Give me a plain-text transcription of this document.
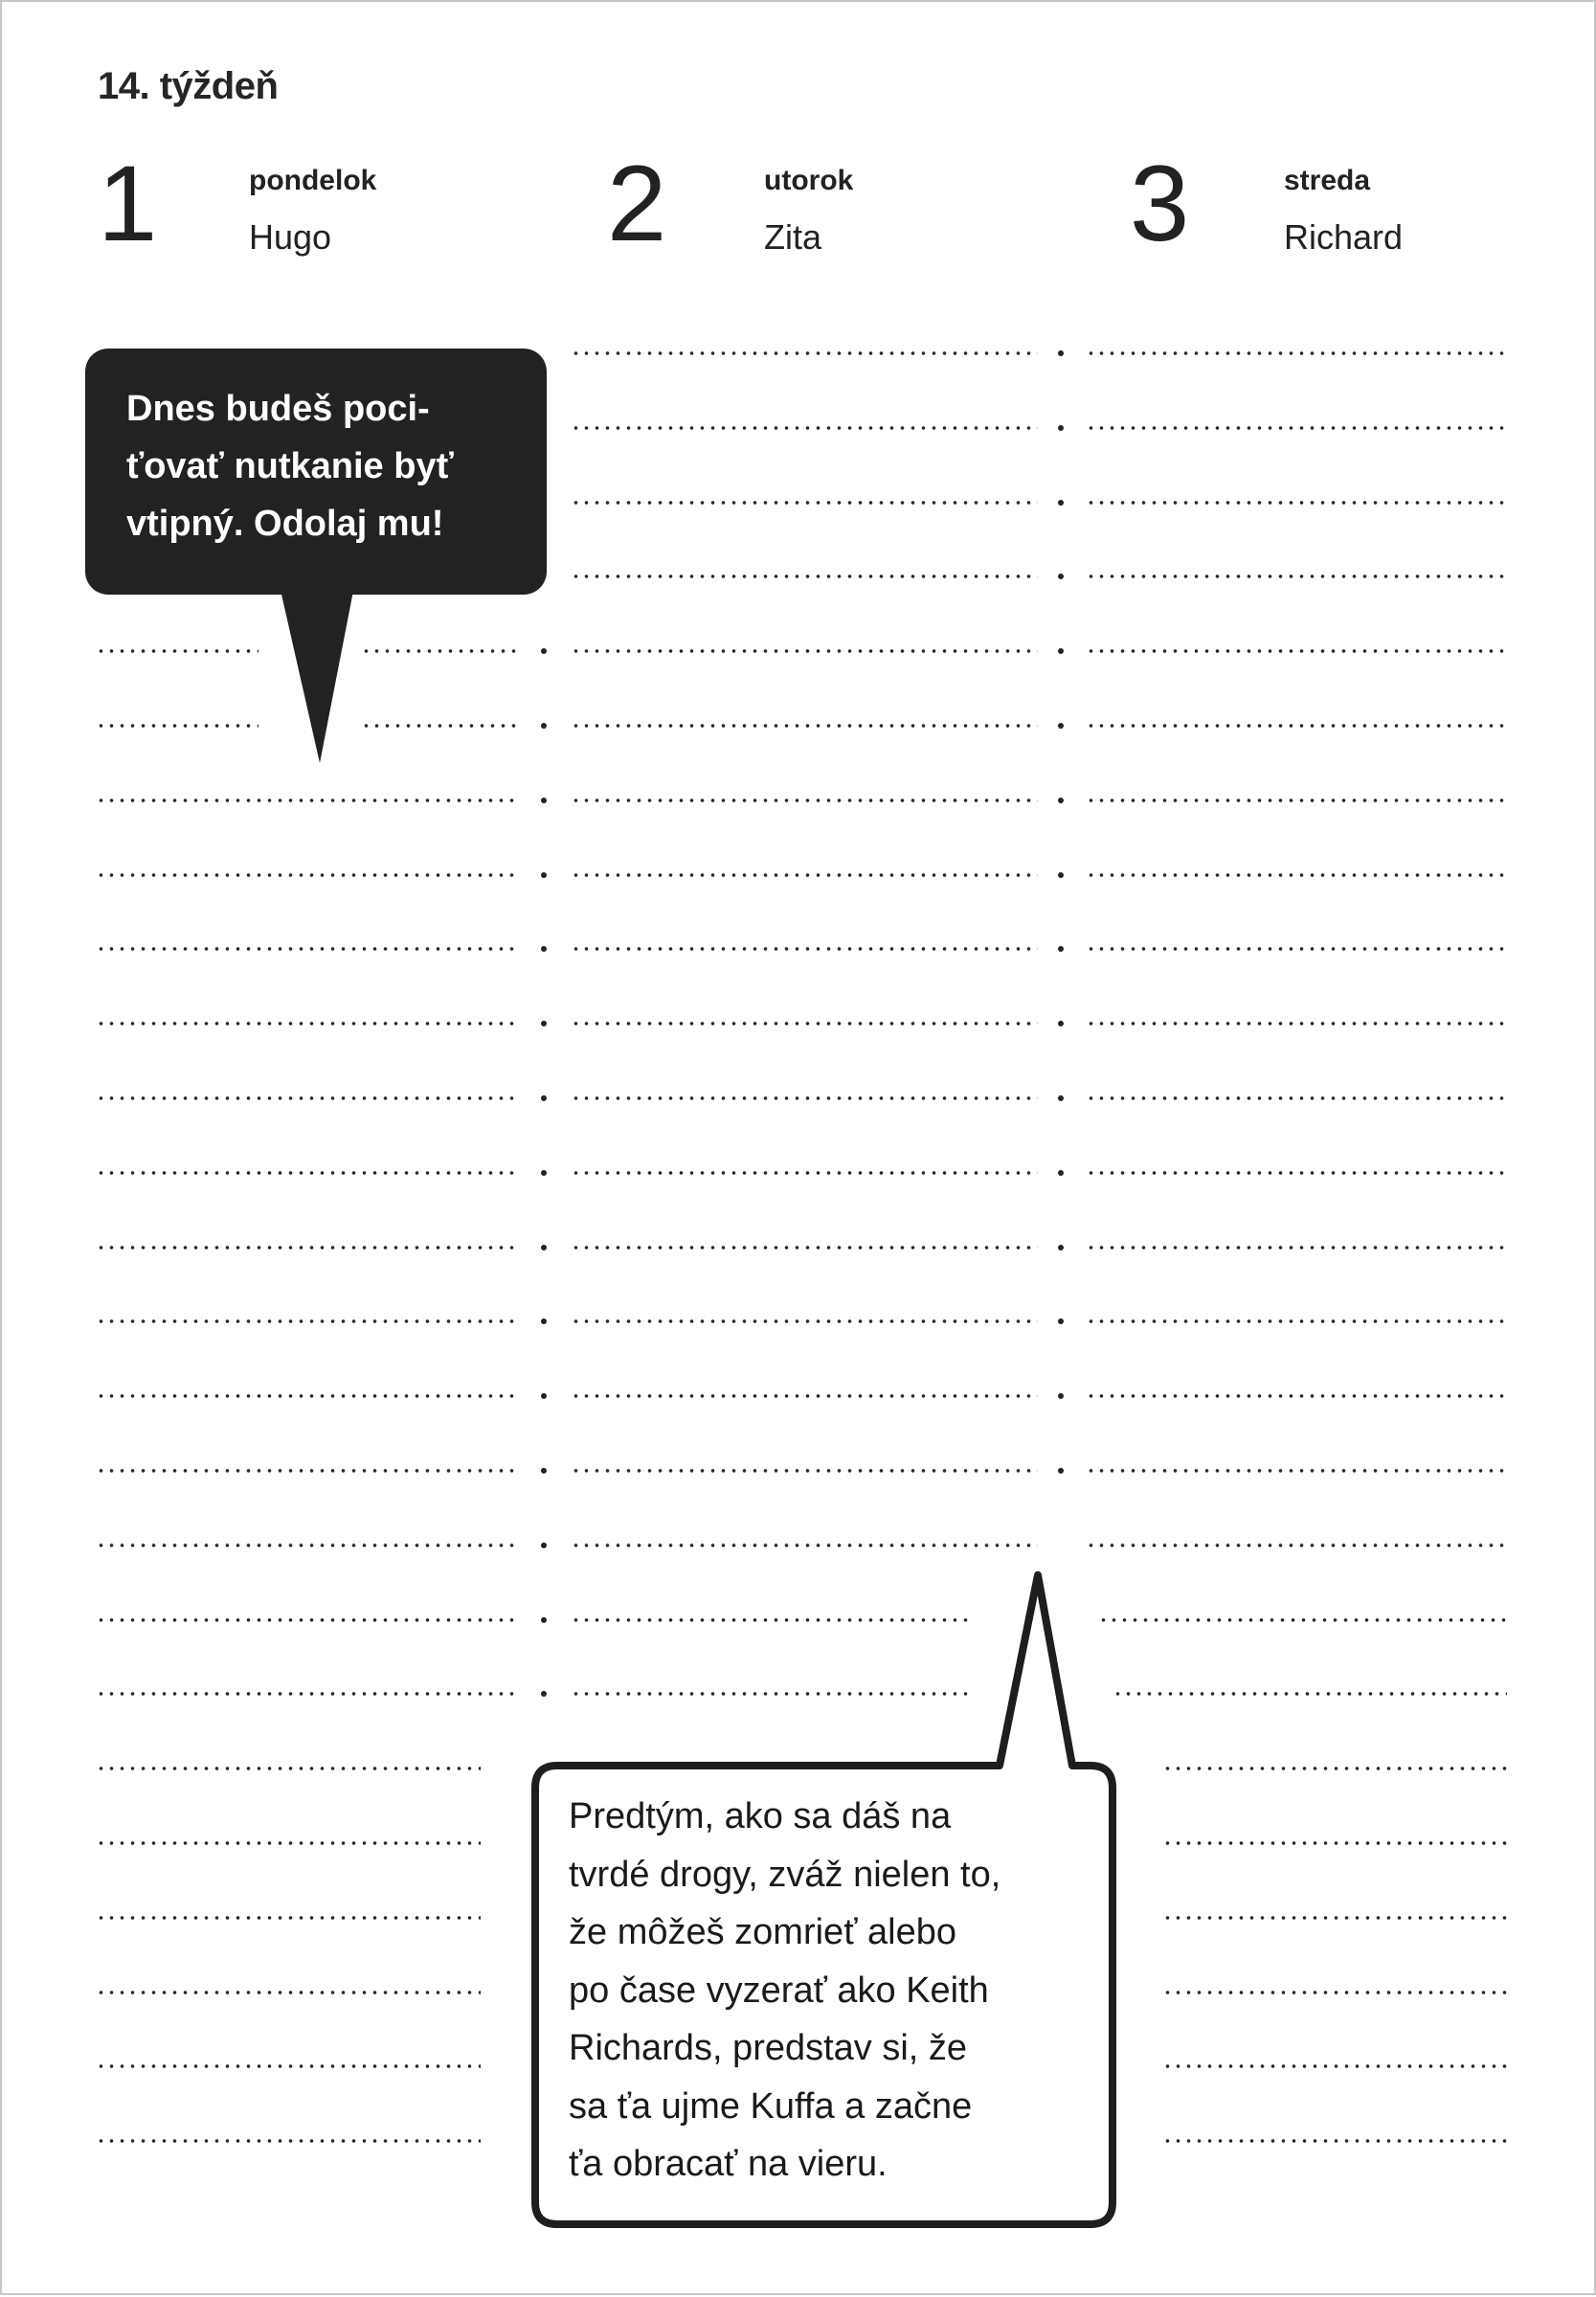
14. týždeň
1	pondelok
Hugo	2	utorok
Zita	3	streda
Richard
Dnes budeš poci-
ťovať nutkanie byť
vtipný. Odolaj mu!
Predtým, ako sa dáš na
tvrdé drogy, zváž nielen to,
že môžeš zomrieť alebo
po čase vyzerať ako Keith
Richards, predstav si, že
sa ťa ujme Kuffa a začne
ťa obracať na vieru.
